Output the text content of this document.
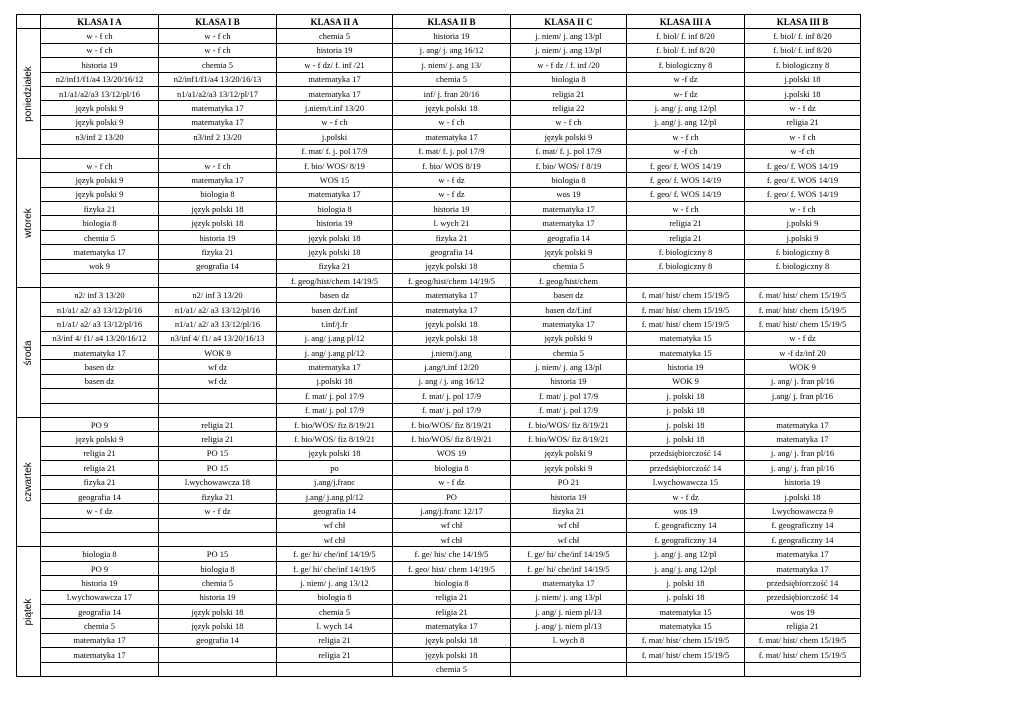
	KLASA I A	KLASA I B	KLASA II A	KLASA II B	KLASA II C	KLASA III A	KLASA III B

poniedziałek	w - f ch	w - f ch	chemia 5	historia 19	j. niem/ j. ang 13/pl	f. biol/ f. inf 8/20	f. biol/ f. inf 8/20
	w - f ch	w - f ch	historia 19	j. ang/ j. ang 16/12	j. niem/ j. ang 13/pl	f. biol/ f. inf 8/20	f. biol/ f. inf 8/20
	historia 19	chemia 5	w - f dz/ f. inf /21	j. niem/ j. ang 13/	w - f dz / f. inf /20	f. biologiczny 8	f. biologiczny 8
	n2/inf1/f1/a4 13/20/16/12	n2/inf1/f1/a4 13/20/16/13	matematyka 17	chemia 5	biologia 8	w -f dz	j.polski 18
	n1/a1/a2/a3 13/12/pl/16	n1/a1/a2/a3 13/12/pl/17	matematyka 17	inf/ j. fran 20/16	religia 21	w- f dz	j.polski 18
	język polski 9	matematyka 17	j.niem/t.inf 13/20	język polski 18	religia 22	j. ang/ j. ang 12/pl	w - f dz
	język polski 9	matematyka 17	w - f ch	w - f ch	w - f ch	j. ang/ j. ang 12/pl	religia 21
	n3/inf 2 13/20	n3/inf 2 13/20	j.polski	matematyka 17	język polski 9	w - f ch	w - f ch
			f. mat/ f. j. pol 17/9	f. mat/ f. j. pol 17/9	f. mat/ f. j. pol 17/9	w -f ch	w -f ch

wtorek	w - f ch	w - f ch	f. bio/ WOS/ 8/19	f. bio/ WOS 8/19	f. bio/ WOS/ f 8/19	f. geo/ f. WOS 14/19	f. geo/ f. WOS 14/19
	język polski 9	matematyka 17	WOS 15	w - f dz	biologia 8	f. geo/ f. WOS 14/19	f. geo/ f. WOS 14/19
	język polski 9	biologia 8	matematyka 17	w - f dz	wos 19	f. geo/ f. WOS 14/19	f. geo/ f. WOS 14/19
	fizyka 21	język polski 18	biologia 8	historia 19	matematyka 17	w - f ch	w - f ch
	biologia 8	język polski 18	historia 19	l. wych 21	matematyka 17	religia 21	j.polski 9
	chemia 5	historia 19	język polski 18	fizyka 21	geografia 14	religia 21	j.polski 9
	matematyka 17	fizyka 21	język polski 18	geografia 14	język polski 9	f. biologiczny 8	f. biologiczny 8
	wok 9	geografia 14	fizyka 21	język polski 18	chemia 5	f. biologiczny 8	f. biologiczny 8
			f. geog/hist/chem 14/19/5	f. geog/hist/chem 14/19/5	f. geog/hist/chem		

środa	n2/ inf 3 13/20	n2/ inf 3 13/20	basen dz	matematyka 17	basen dz	f. mat/ hist/ chem 15/19/5	f. mat/ hist/ chem 15/19/5
	n1/a1/ a2/ a3 13/12/pl/16	n1/a1/ a2/ a3 13/12/pl/16	basen dz/f.inf	matematyka 17	basen dz/f.inf	f. mat/ hist/ chem 15/19/5	f. mat/ hist/ chem 15/19/5
	n1/a1/ a2/ a3 13/12/pl/16	n1/a1/ a2/ a3 13/12/pl/16	t.inf/j.fr	język polski 18	matematyka 17	f. mat/ hist/ chem 15/19/5	f. mat/ hist/ chem 15/19/5
	n3/inf 4/ f1/ a4 13/20/16/12	n3/inf 4/ f1/ a4 13/20/16/13	j. ang/ j.ang pl/12	język polski 18	język polski 9	matematyka 15	w - f dz
	matematyka 17	WOK 9	j. ang/ j.ang pl/12	j.niem/j.ang	chemia 5	matematyka 15	w -f dz/inf 20
	basen dz	wf dz	matematyka 17	j.ang/t.inf 12/20	j. niem/ j. ang 13/pl	historia 19	WOK 9
	basen dz	wf dz	j.polski 18	j. ang / j. ang 16/12	historia 19	WOK 9	j. ang/ j. fran pl/16
			f. mat/ j. pol 17/9	f. mat/ j. pol 17/9	f. mat/ j. pol 17/9	j. polski 18	j.ang/ j. fran pl/16
			f. mat/ j. pol 17/9	f. mat/ j. pol 17/9	f. mat/ j. pol 17/9	j. polski 18	

czwartek	PO 9	religia 21	f. bio/WOS/ fiz 8/19/21	f. bio/WOS/ fiz 8/19/21	f. bio/WOS/ fiz 8/19/21	j. polski 18	matematyka 17
	język polski 9	religia 21	f. bio/WOS/ fiz 8/19/21	f. bio/WOS/ fiz 8/19/21	f. bio/WOS/ fiz 8/19/21	j. polski 18	matematyka 17
	religia 21	PO 15	język polski 18	WOS 19	język polski 9	przedsiębiorczość 14	j. ang/ j. fran pl/16
	religia 21	PO 15	po	biologia 8	język polski 9	przedsiębiorczość 14	j. ang/ j. fran pl/16
	fizyka 21	l.wychowawcza 18	j.ang/j.franc	w - f dz	PO 21	l.wychowawcza 15	historia 19
	geografia 14	fizyka 21	j.ang/ j.ang pl/12	PO	historia 19	w - f dz	j.polski 18
	w - f dz	w - f dz	geografia 14	j.ang/j.franc 12/17	fizyka 21	wos 19	l.wychowawcza 9
			wf chł	wf chł	wf chł	f. geograficzny 14	f. geograficzny 14
			wf chł	wf chł	wf chł	f. geograficzny 14	f. geograficzny 14

piątek	biologia 8	PO 15	f. ge/ hi/ che/inf 14/19/5	f. ge/ his/ che 14/19/5	f. ge/ hi/ che/inf 14/19/5	j. ang/ j. ang 12/pl	matematyka 17
	PO 9	biologia 8	f. ge/ hi/ che/inf 14/19/5	f. geo/ hist/ chem 14/19/5	f. ge/ hi/ che/inf 14/19/5	j. ang/ j. ang 12/pl	matematyka 17
	historia 19	chemia 5	j. niem/ j. ang 13/12	biologia 8	matematyka 17	j. polski 18	przedsiębiorczość 14
	l.wychowawcza 17	historia 19	biologia 8	religia 21	j. niem/ j. ang 13/pl	j. polski 18	przedsiębiorczość 14
	geografia 14	język polski 18	chemia 5	religia 21	j. ang/ j. niem pl/13	matematyka 15	wos 19
	chemia 5	język polski 18	l. wych 14	matematyka 17	j. ang/ j. niem pl/13	matematyka 15	religia 21
	matematyka 17	geografia 14	religia 21	język polski 18	l. wych 8	f. mat/ hist/ chem 15/19/5	f. mat/ hist/ chem 15/19/5
	matematyka 17		religia 21	język polski 18		f. mat/ hist/ chem 15/19/5	f. mat/ hist/ chem 15/19/5
				chemia 5			
